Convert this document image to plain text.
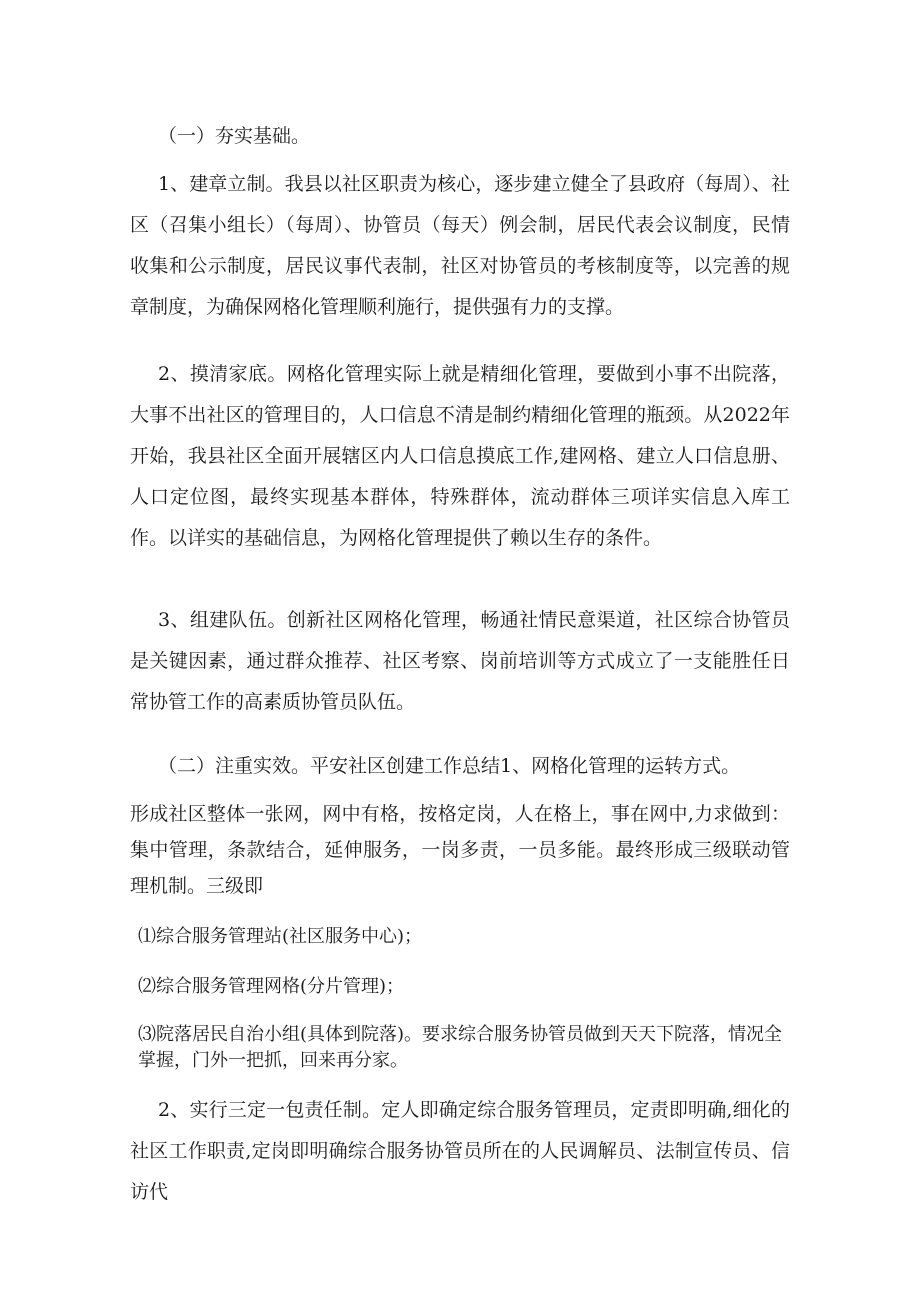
（一）夯实基础。

1、建章立制。我县以社区职责为核心，逐步建立健全了县政府（每周）、社区（召集小组长）（每周）、协管员（每天）例会制，居民代表会议制度，民情收集和公示制度，居民议事代表制，社区对协管员的考核制度等，以完善的规章制度，为确保网格化管理顺利施行，提供强有力的支撑。

2、摸清家底。网格化管理实际上就是精细化管理，要做到小事不出院落，大事不出社区的管理目的，人口信息不清是制约精细化管理的瓶颈。从2022年开始，我县社区全面开展辖区内人口信息摸底工作,建网格、建立人口信息册、人口定位图，最终实现基本群体，特殊群体，流动群体三项详实信息入库工作。以详实的基础信息，为网格化管理提供了赖以生存的条件。

3、组建队伍。创新社区网格化管理，畅通社情民意渠道，社区综合协管员是关键因素，通过群众推荐、社区考察、岗前培训等方式成立了一支能胜任日常协管工作的高素质协管员队伍。

（二）注重实效。平安社区创建工作总结1、网格化管理的运转方式。

形成社区整体一张网，网中有格，按格定岗，人在格上，事在网中,力求做到：集中管理，条款结合，延伸服务，一岗多责，一员多能。最终形成三级联动管理机制。三级即

⑴综合服务管理站(社区服务中心)；

⑵综合服务管理网格(分片管理)；

⑶院落居民自治小组(具体到院落)。要求综合服务协管员做到天天下院落，情况全掌握，门外一把抓，回来再分家。

2、实行三定一包责任制。定人即确定综合服务管理员，定责即明确,细化的社区工作职责,定岗即明确综合服务协管员所在的人民调解员、法制宣传员、信访代
